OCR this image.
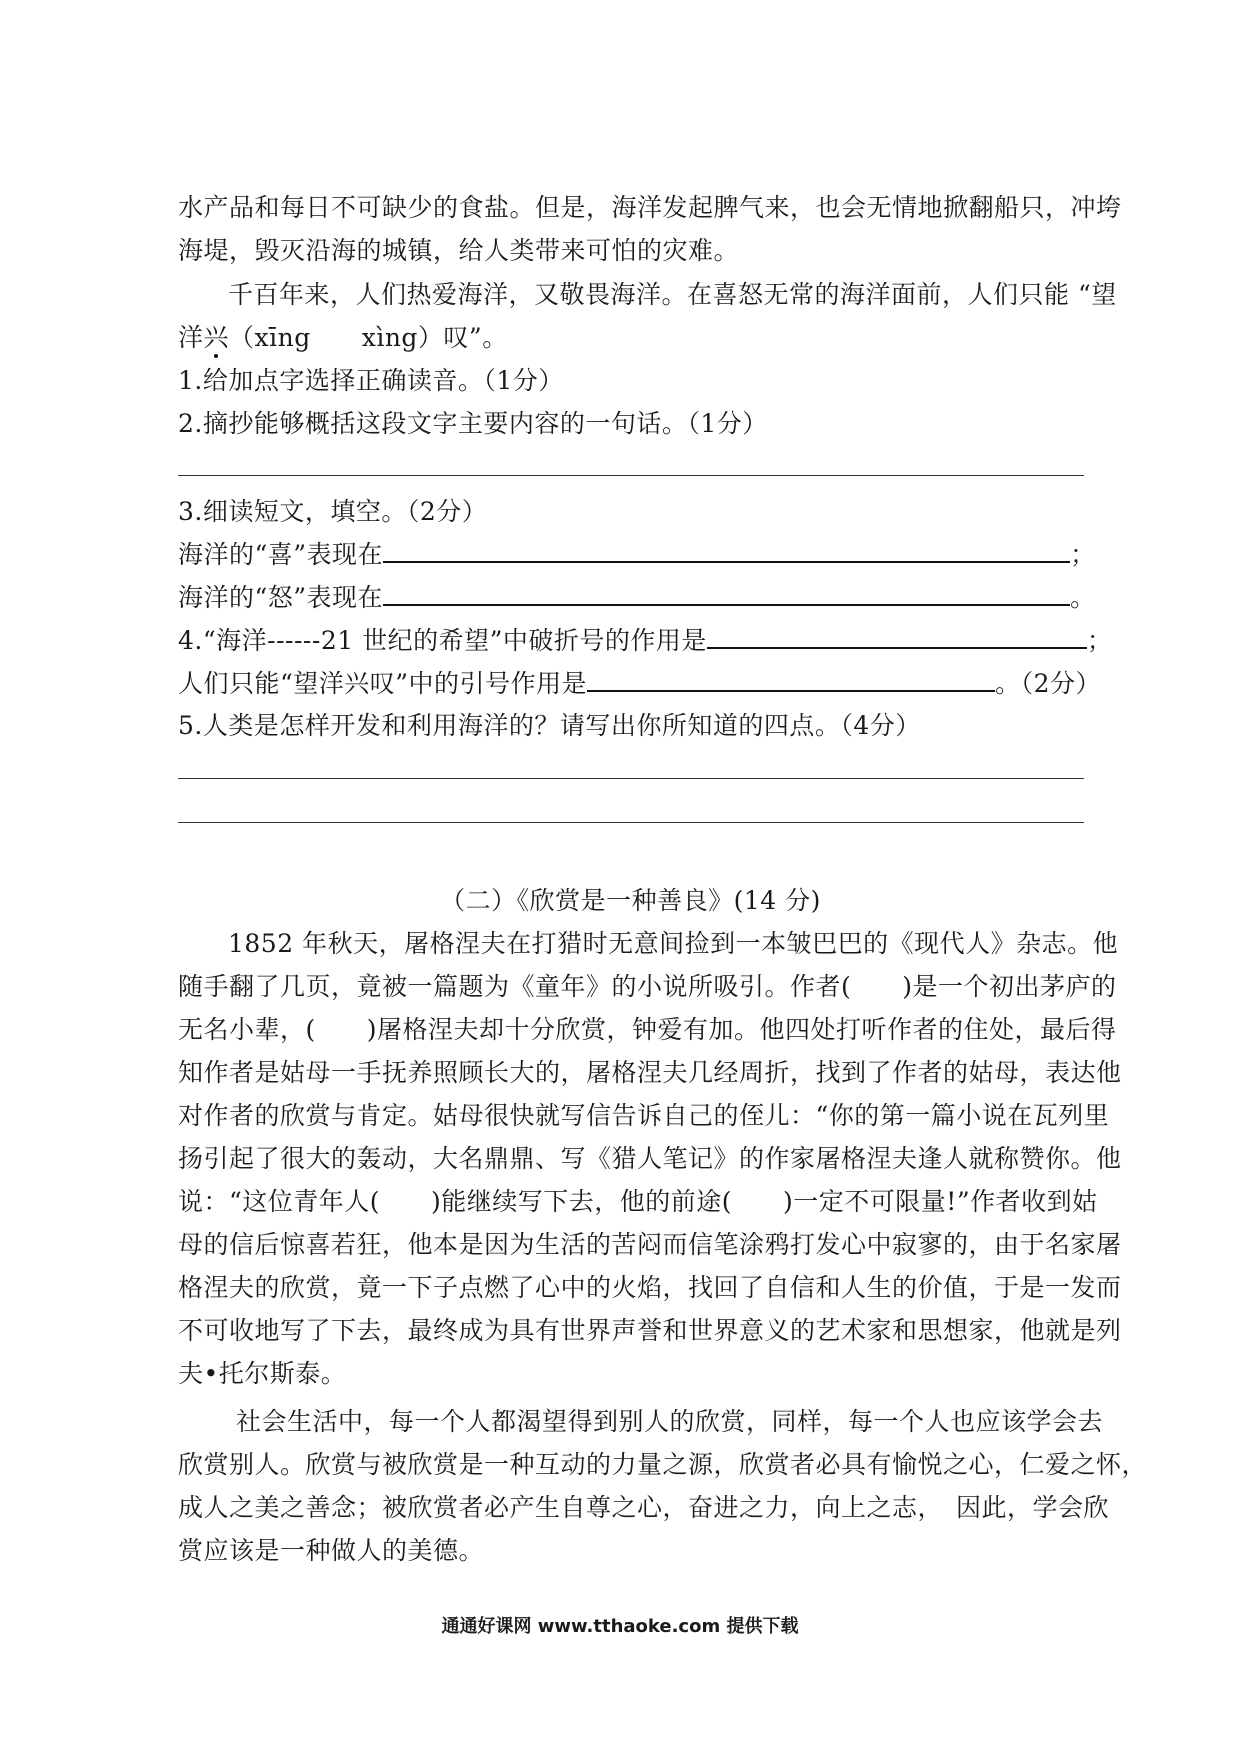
水产品和每日不可缺少的食盐。但是，海洋发起脾气来，也会无情地掀翻船只，冲垮
海堤，毁灭沿海的城镇，给人类带来可怕的灾难。
千百年来，人们热爱海洋，又敬畏海洋。在喜怒无常的海洋面前，人们只能 “望
洋兴（xīng　　xìng）叹”。
1.给加点字选择正确读音。（1分）
2.摘抄能够概括这段文字主要内容的一句话。（1分）
3.细读短文，填空。（2分）
海洋的“喜”表现在	；
海洋的“怒”表现在	。
4.“海洋------21 世纪的希望”中破折号的作用是	；
人们只能“望洋兴叹”中的引号作用是	。（2分）
5.人类是怎样开发和利用海洋的？请写出你所知道的四点。（4分）
（二）《欣赏是一种善良》(14 分)
1852 年秋天，屠格涅夫在打猎时无意间捡到一本皱巴巴的《现代人》杂志。他
随手翻了几页，竟被一篇题为《童年》的小说所吸引。作者(　　)是一个初出茅庐的
无名小辈，(　　)屠格涅夫却十分欣赏，钟爱有加。他四处打听作者的住处，最后得
知作者是姑母一手抚养照顾长大的，屠格涅夫几经周折，找到了作者的姑母，表达他
对作者的欣赏与肯定。姑母很快就写信告诉自己的侄儿：“你的第一篇小说在瓦列里
扬引起了很大的轰动，大名鼎鼎、写《猎人笔记》的作家屠格涅夫逢人就称赞你。他
说：“这位青年人(　　)能继续写下去，他的前途(　　)一定不可限量!”作者收到姑
母的信后惊喜若狂，他本是因为生活的苦闷而信笔涂鸦打发心中寂寥的，由于名家屠
格涅夫的欣赏，竟一下子点燃了心中的火焰，找回了自信和人生的价值，于是一发而
不可收地写了下去，最终成为具有世界声誉和世界意义的艺术家和思想家，他就是列
夫•托尔斯泰。
社会生活中，每一个人都渴望得到别人的欣赏，同样，每一个人也应该学会去
欣赏别人。欣赏与被欣赏是一种互动的力量之源，欣赏者必具有愉悦之心，仁爱之怀，
成人之美之善念；被欣赏者必产生自尊之心，奋进之力，向上之志，　因此，学会欣
赏应该是一种做人的美德。
通通好课网 www.tthaoke.com 提供下载
